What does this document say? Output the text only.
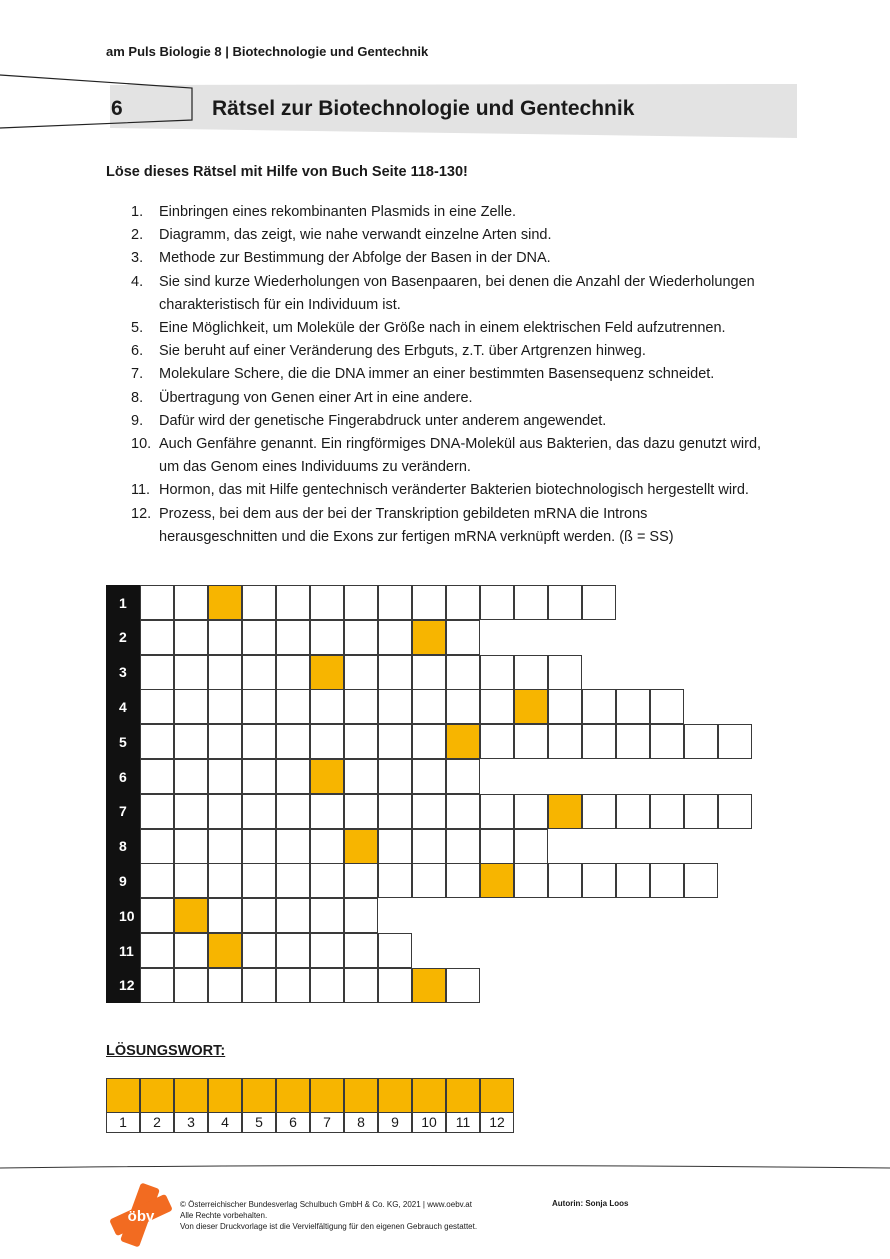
am Puls Biologie 8 | Biotechnologie und Gentechnik
6	Rätsel zur Biotechnologie und Gentechnik
Löse dieses Rätsel mit Hilfe von Buch Seite 118-130!
1. Einbringen eines rekombinanten Plasmids in eine Zelle.
2. Diagramm, das zeigt, wie nahe verwandt einzelne Arten sind.
3. Methode zur Bestimmung der Abfolge der Basen in der DNA.
4. Sie sind kurze Wiederholungen von Basenpaaren, bei denen die Anzahl der Wiederholungen
charakteristisch für ein Individuum ist.
5. Eine Möglichkeit, um Moleküle der Größe nach in einem elektrischen Feld aufzutrennen.
6. Sie beruht auf einer Veränderung des Erbguts, z.T. über Artgrenzen hinweg.
7. Molekulare Schere, die die DNA immer an einer bestimmten Basensequenz schneidet.
8. Übertragung von Genen einer Art in eine andere.
9. Dafür wird der genetische Fingerabdruck unter anderem angewendet.
10. Auch Genfähre genannt. Ein ringförmiges DNA-Molekül aus Bakterien, das dazu genutzt wird,
um das Genom eines Individuums zu verändern.
11. Hormon, das mit Hilfe gentechnisch veränderter Bakterien biotechnologisch hergestellt wird.
12. Prozess, bei dem aus der bei der Transkription gebildeten mRNA die Introns
herausgeschnitten und die Exons zur fertigen mRNA verknüpft werden. (ß = SS)
1
2
3
4
5
6
7
8
9
10
11
12
LÖSUNGSWORT:
1	2	3	4	5	6	7	8	9	10	11	12
öbv
© Österreichischer Bundesverlag Schulbuch GmbH & Co. KG, 2021 | www.oebv.at
Alle Rechte vorbehalten.
Von dieser Druckvorlage ist die Vervielfältigung für den eigenen Gebrauch gestattet.
Autorin: Sonja Loos
